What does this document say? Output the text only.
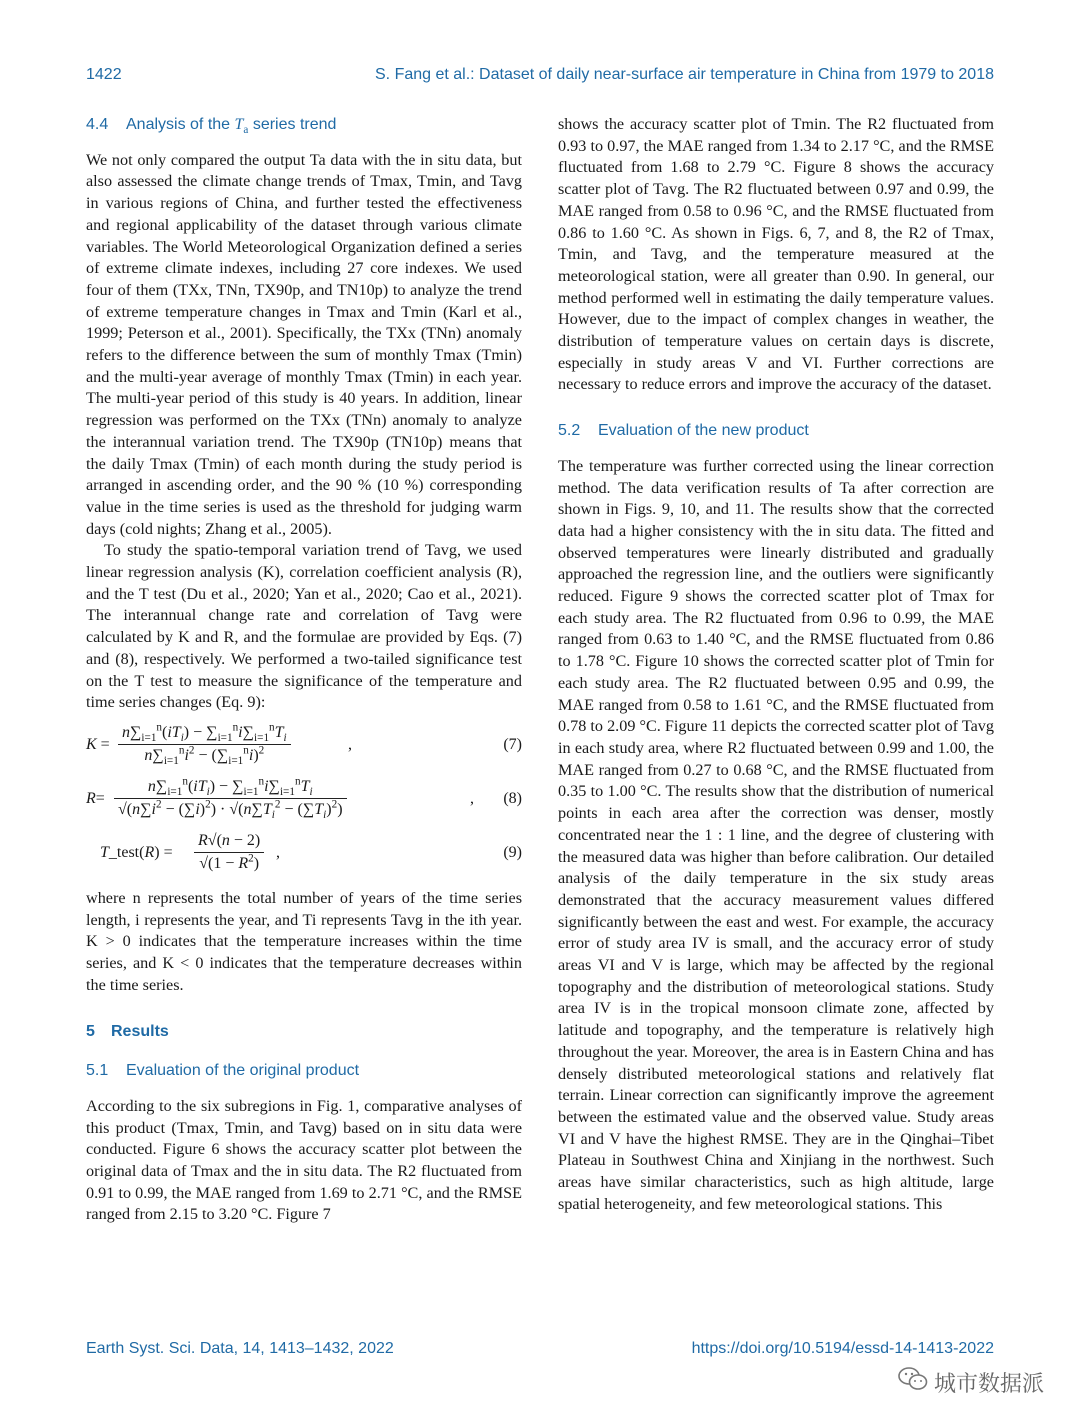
1422	S. Fang et al.: Dataset of daily near-surface air temperature in China from 1979 to 2018

4.4 Analysis of the $T_a$ series trend

We not only compared the output Ta data with the in situ data, but also assessed the climate change trends of Tmax, Tmin, and Tavg in various regions of China, and further tested the effectiveness and regional applicability of the dataset through various climate variables. The World Meteorological Organization defined a series of extreme climate indexes, including 27 core indexes. We used four of them (TXx, TNn, TX90p, and TN10p) to analyze the trend of extreme temperature changes in Tmax and Tmin (Karl et al., 1999; Peterson et al., 2001). Specifically, the TXx (TNn) anomaly refers to the difference between the sum of monthly Tmax (Tmin) and the multi-year average of monthly Tmax (Tmin) in each year. The multi-year period of this study is 40 years. In addition, linear regression was performed on the TXx (TNn) anomaly to analyze the interannual variation trend. The TX90p (TN10p) means that the daily Tmax (Tmin) of each month during the study period is arranged in ascending order, and the 90 % (10 %) corresponding value in the time series is used as the threshold for judging warm days (cold nights; Zhang et al., 2005).

To study the spatio-temporal variation trend of Tavg, we used linear regression analysis (K), correlation coefficient analysis (R), and the T test (Du et al., 2020; Yan et al., 2020; Cao et al., 2021). The interannual change rate and correlation of Tavg were calculated by K and R, and the formulae are provided by Eqs. (7) and (8), respectively. We performed a two-tailed significance test on the T test to measure the significance of the temperature and time series changes (Eq. 9):

K =
$n\sum_{i=1}^n(iT_i) - \sum_{i=1}^ni\sum_{i=1}^nT_i$
$n\sum_{i=1}^ni^2 - (\sum_{i=1}^ni)^2$	,	(7)
R=
$n\sum_{i=1}^n(iT_i) - \sum_{i=1}^ni\sum_{i=1}^nT_i$
$√(n\sum i^2 - (\sum i)^2) \cdot √(n\sum T_i^2 - (\sum T_i)^2)$
, (8)
T_test(R) = $\frac{R√(n - 2)}{√(1 - R^2)}$ ,	(9)

where n represents the total number of years of the time series length, i represents the year, and Ti represents Tavg in the ith year. K > 0 indicates that the temperature increases within the time series, and K < 0 indicates that the temperature decreases within the time series.

5 Results

5.1 Evaluation of the original product

According to the six subregions in Fig. 1, comparative analyses of this product (Tmax, Tmin, and Tavg) based on in situ data were conducted. Figure 6 shows the accuracy scatter plot between the original data of Tmax and the in situ data. The R2 fluctuated from 0.91 to 0.99, the MAE ranged from 1.69 to 2.71 °C, and the RMSE ranged from 2.15 to 3.20 °C. Figure 7

shows the accuracy scatter plot of Tmin. The R2 fluctuated from 0.93 to 0.97, the MAE ranged from 1.34 to 2.17 °C, and the RMSE fluctuated from 1.68 to 2.79 °C. Figure 8 shows the accuracy scatter plot of Tavg. The R2 fluctuated between 0.97 and 0.99, the MAE ranged from 0.58 to 0.96 °C, and the RMSE fluctuated from 0.86 to 1.60 °C. As shown in Figs. 6, 7, and 8, the R2 of Tmax, Tmin, and Tavg, and the temperature measured at the meteorological station, were all greater than 0.90. In general, our method performed well in estimating the daily temperature values. However, due to the impact of complex changes in weather, the distribution of temperature values on certain days is discrete, especially in study areas V and VI. Further corrections are necessary to reduce errors and improve the accuracy of the dataset.

5.2 Evaluation of the new product

The temperature was further corrected using the linear correction method. The data verification results of Ta after correction are shown in Figs. 9, 10, and 11. The results show that the corrected data had a higher consistency with the in situ data. The fitted and observed temperatures were linearly distributed and gradually approached the regression line, and the outliers were significantly reduced. Figure 9 shows the corrected scatter plot of Tmax for each study area. The R2 fluctuated from 0.96 to 0.99, the MAE ranged from 0.63 to 1.40 °C, and the RMSE fluctuated from 0.86 to 1.78 °C. Figure 10 shows the corrected scatter plot of Tmin for each study area. The R2 fluctuated between 0.95 and 0.99, the MAE ranged from 0.58 to 1.61 °C, and the RMSE fluctuated from 0.78 to 2.09 °C. Figure 11 depicts the corrected scatter plot of Tavg in each study area, where R2 fluctuated between 0.99 and 1.00, the MAE ranged from 0.27 to 0.68 °C, and the RMSE fluctuated from 0.35 to 1.00 °C. The results show that the distribution of numerical points in each area after the correction was denser, mostly concentrated near the 1 : 1 line, and the degree of clustering with the measured data was higher than before calibration. Our detailed analysis of the daily temperature in the six study areas demonstrated that the accuracy measurement values differed significantly between the east and west. For example, the accuracy error of study area IV is small, and the accuracy error of study areas VI and V is large, which may be affected by the regional topography and the distribution of meteorological stations. Study area IV is in the tropical monsoon climate zone, affected by latitude and topography, and the temperature is relatively high throughout the year. Moreover, the area is in Eastern China and has densely distributed meteorological stations and relatively flat terrain. Linear correction can significantly improve the agreement between the estimated value and the observed value. Study areas VI and V have the highest RMSE. They are in the Qinghai–Tibet Plateau in Southwest China and Xinjiang in the northwest. Such areas have similar characteristics, such as high altitude, large spatial heterogeneity, and few meteorological stations. This

Earth Syst. Sci. Data, 14, 1413–1432, 2022	https://doi.org/10.5194/essd-14-1413-2022
城市数据派
